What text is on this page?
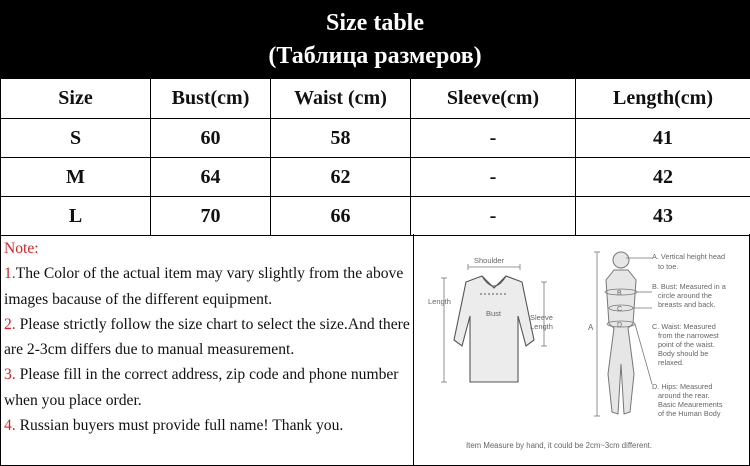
Size table
(Таблица размеров)
Size	Bust(cm)	Waist (cm)	Sleeve(cm)	Length(cm)
S	60	58	-	41
M	64	62	-	42
L	70	66	-	43

Note:

1.The Color of the actual item may vary slightly from the above images bacause of the different equipment.

2. Please strictly follow the size chart to select the size.And there are 2-3cm differs due to manual measurement.

3. Please fill in the correct address, zip code and phone number when you place order.

4. Russian buyers must provide full name! Thank you.

Shoulder
Length
Bust	Sleeve
Length	A
B
C
D
A. Vertical height head
to toe.
B. Bust: Measured in a
circle around the
breasts and back.
C. Waist: Measured
from the narrowest
point of the waist.
Body should be
relaxed.
D. Hips: Measured
around the rear.
Basic Meaurements
of the Human Body
Item Measure by hand, it could be 2cm~3cm different.
